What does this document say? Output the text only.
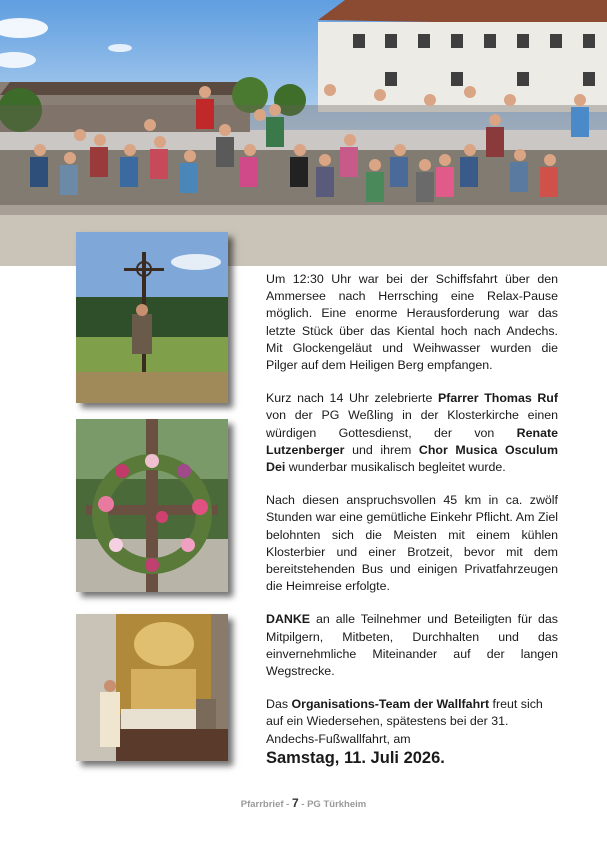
Um 12:30 Uhr war bei der Schiffsfahrt über den Ammersee nach Herrsching eine Relax-Pause möglich. Eine enorme Herausforderung war das letzte Stück über das Kiental hoch nach Andechs. Mit Glockengeläut und Weihwasser wurden die Pilger auf dem Heiligen Berg empfangen.

Kurz nach 14 Uhr zelebrierte Pfarrer Thomas Ruf von der PG Weßling in der Klosterkirche einen würdigen Gottesdienst, der von Renate Lutzenberger und ihrem Chor Musica Osculum Dei wunderbar musikalisch begleitet wurde.

Nach diesen anspruchsvollen 45 km in ca. zwölf Stunden war eine gemütliche Einkehr Pflicht. Am Ziel belohnten sich die Meisten mit einem kühlen Klosterbier und einer Brotzeit, bevor mit dem bereitstehenden Bus und einigen Privatfahrzeugen die Heimreise erfolgte.

DANKE an alle Teilnehmer und Beteiligten für das Mitpilgern, Mitbeten, Durchhalten und das einvernehmliche Miteinander auf der langen Wegstrecke.

Das Organisations-Team der Wallfahrt freut sich auf ein Wiedersehen, spätestens bei der 31. Andechs-Fußwallfahrt, am

Samstag, 11. Juli 2026.
Pfarrbrief - 7 - PG Türkheim
